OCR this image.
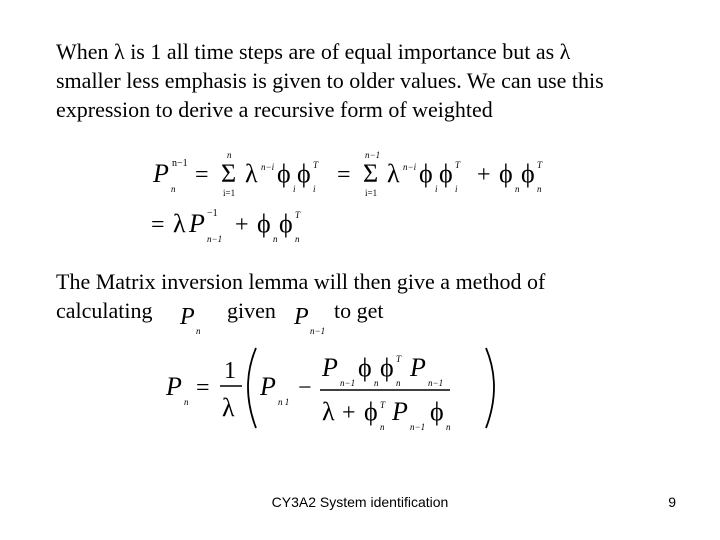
When λ is 1 all time steps are of equal importance but as λ
smaller less emphasis is given to older values. We can use this
expression to derive a recursive form of weighted
P n−1
n
= Σ
n
i=1
λ n−i ϕ
i
ϕ T
i
= Σ
n−1
i=1
λ n−i ϕ
i
ϕ T
i
+ ϕ
n
ϕ T
n
= λ P −1
n−1
+ ϕ
n
ϕ T
n
The Matrix inversion lemma will then give a method of
calculating	given	to get
P
n
P
n−1
P
n
=
1
λ
P
n 1
−
P
n−1
ϕ
n
ϕ T
n
P
n−1
λ + ϕ T
n
P
n−1
ϕ
n
CY3A2 System identification	9
